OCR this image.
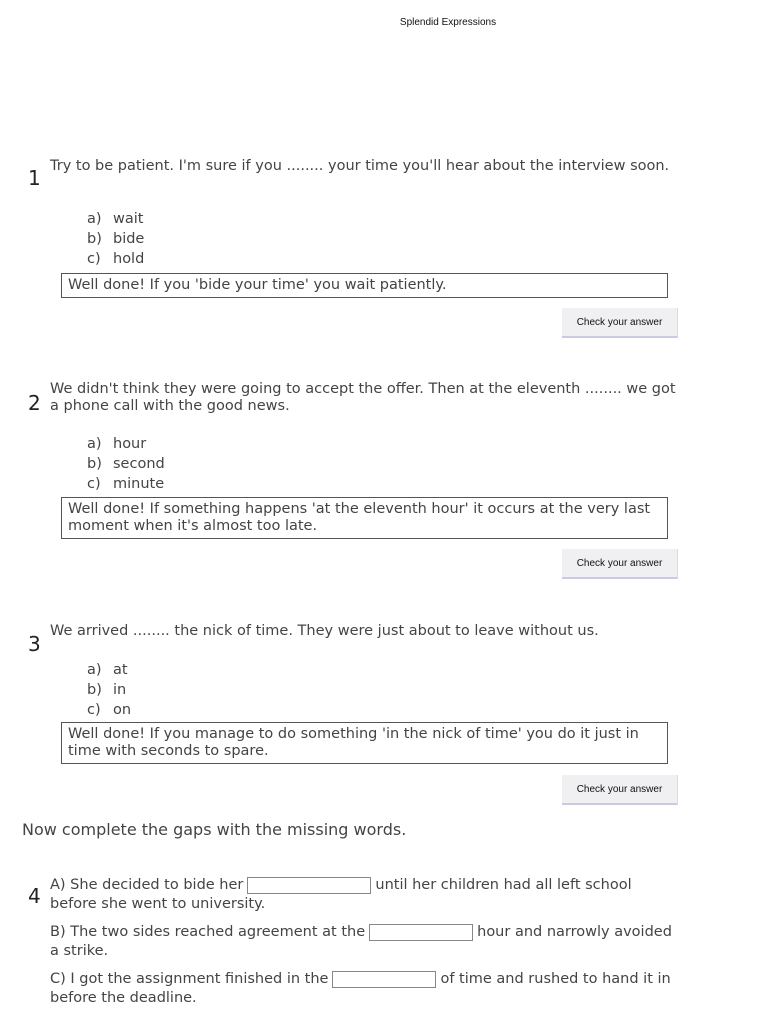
Splendid Expressions
1 Try to be patient. I'm sure if you ........ your time you'll hear about the interview soon.
a) wait
b) bide
c) hold
Well done! If you 'bide your time' you wait patiently.
Check your answer
2
We didn't think they were going to accept the offer. Then at the eleventh ........ we got a phone call with the good news.
a) hour
b) second
c) minute
Well done! If something happens 'at the eleventh hour' it occurs at the very last moment when it's almost too late.
Check your answer
3
We arrived ........ the nick of time. They were just about to leave without us.
a) at
b) in
c) on
Well done! If you manage to do something 'in the nick of time' you do it just in time with seconds to spare.
Check your answer
Now complete the gaps with the missing words.
4 A) She decided to bide her	until her children had all left school before she went to university.
B) The two sides reached agreement at the	hour and narrowly avoided a strike.
C) I got the assignment finished in the	of time and rushed to hand it in before the deadline.
